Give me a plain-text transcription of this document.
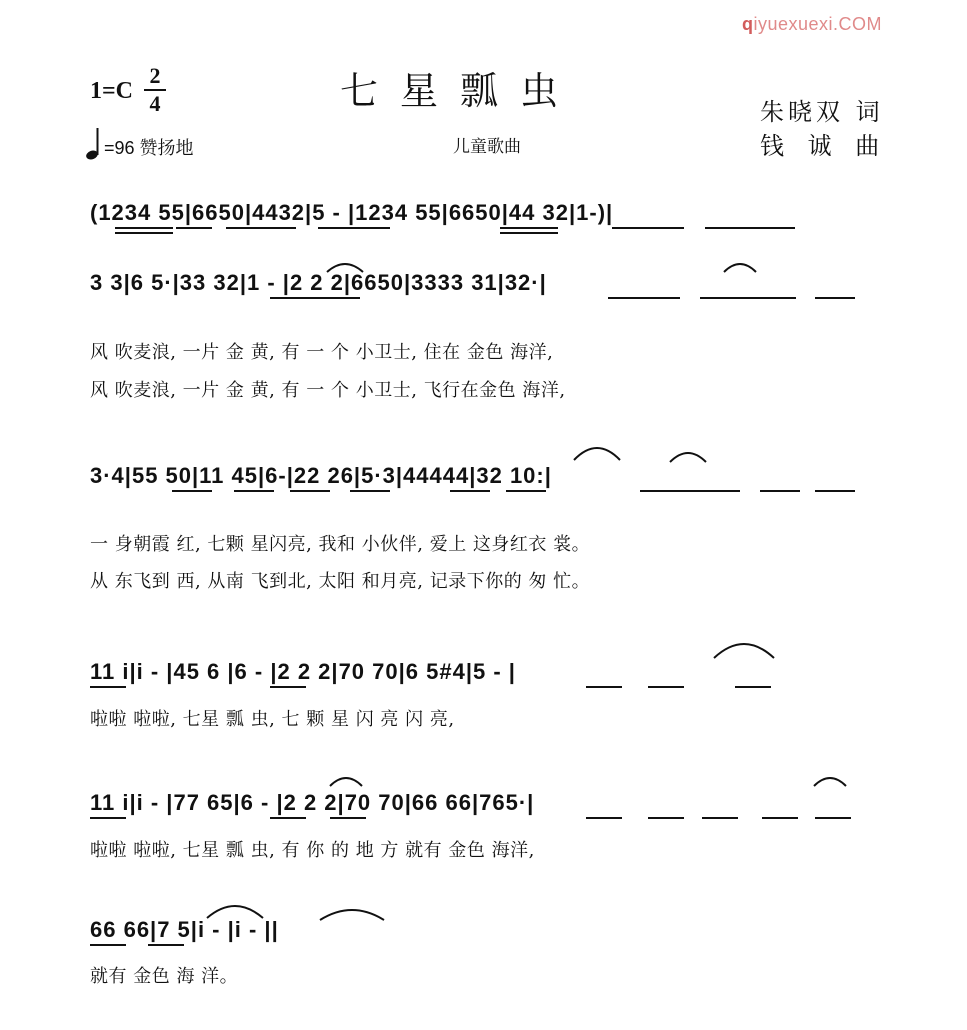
qiyuexuexi.COM
1=C
2
4	七星瓢虫	朱晓双 词
钱 诚 曲
=96 赞扬地	儿童歌曲
(1234 55|6650|4432|5 - |1234 55|6650|44 32|1-)|
3 3|6 5·|33 32|1 - |2 2 2|6650|3333 31|32·|
风 吹麦浪, 一片 金 黄, 有 一 个 小卫士, 住在 金色 海洋,
风 吹麦浪, 一片 金 黄, 有 一 个 小卫士, 飞行在金色 海洋,
3·4|55 50|11 45|6-|22 26|5·3|44444|32 10:|
一 身朝霞 红, 七颗 星闪亮, 我和 小伙伴, 爱上 这身红衣 裳。
从 东飞到 西, 从南 飞到北, 太阳 和月亮, 记录下你的 匆 忙。
11 i|i - |45 6 |6 - |2 2 2|70 70|6 5#4|5 - |
啦啦 啦啦, 七星 瓢 虫, 七 颗 星 闪 亮 闪 亮,
11 i|i - |77 65|6 - |2 2 2|70 70|66 66|765·|
啦啦 啦啦, 七星 瓢 虫, 有 你 的 地 方 就有 金色 海洋,
66 66|7 5|i - |i - ||
就有 金色 海 洋。
